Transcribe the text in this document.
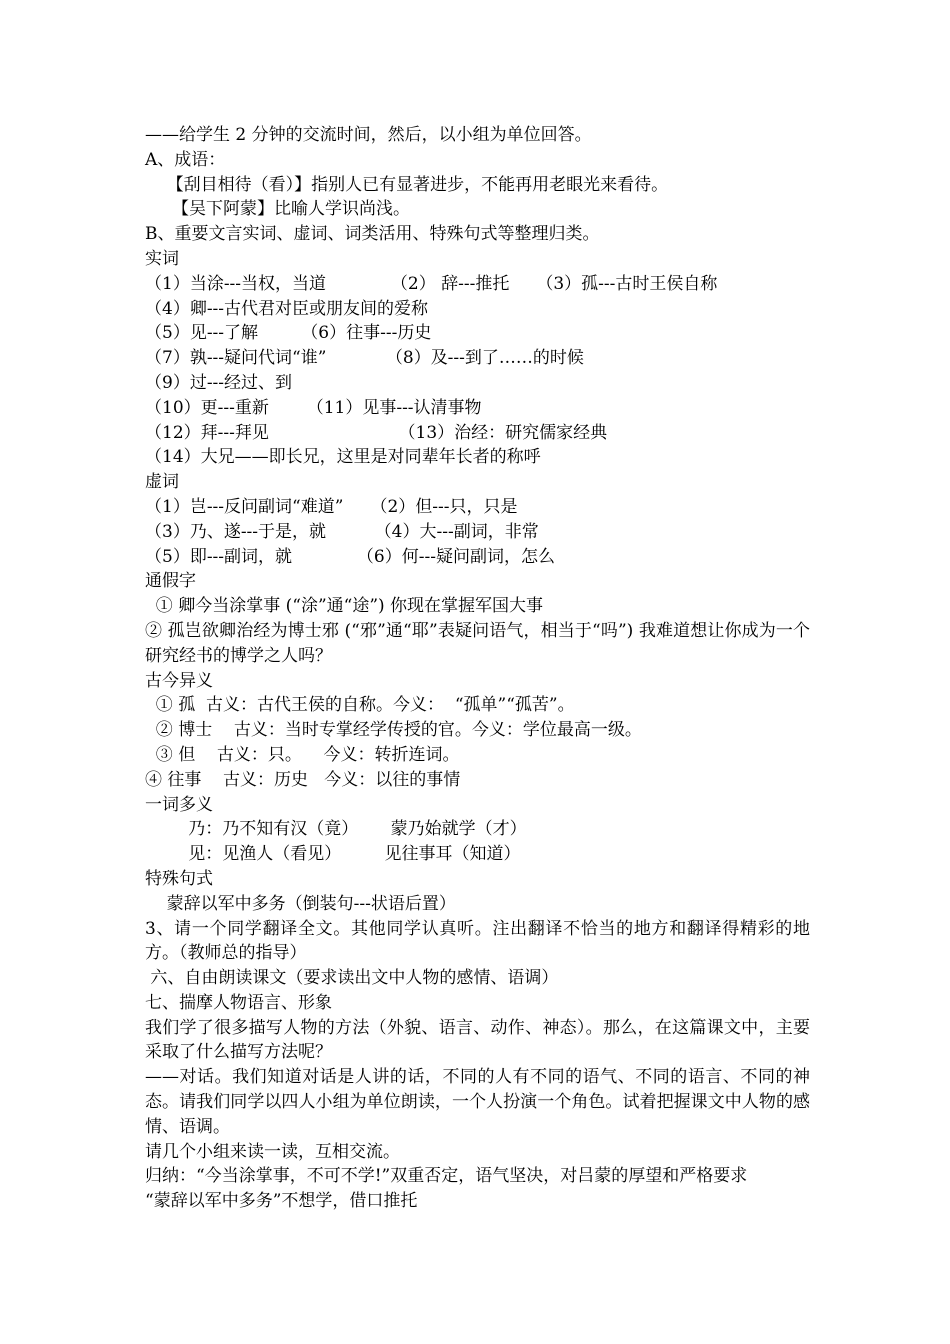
——给学生 2 分钟的交流时间，然后，以小组为单位回答。

A、成语：

【刮目相待（看）】指别人已有显著进步，不能再用老眼光来看待。

【吴下阿蒙】比喻人学识尚浅。

B、重要文言实词、虚词、词类活用、特殊句式等整理归类。

实词

（1）当涂---当权，当道            （2） 辞---推托     （3）孤---古时王侯自称

（4）卿---古代君对臣或朋友间的爱称

（5）见---了解        （6）往事---历史

（7）孰---疑问代词“谁”           （8）及---到了……的时候

（9）过---经过、到

（10）更---重新       （11）见事---认清事物

（12）拜---拜见                        （13）治经：研究儒家经典

（14）大兄——即长兄，这里是对同辈年长者的称呼

虚词

（1）岂---反问副词“难道”     （2）但---只，只是

（3）乃、遂---于是，就         （4）大---副词，非常

（5）即---副词，就            （6）何---疑问副词，怎么

通假字

① 卿今当涂掌事 (“涂”通“途”) 你现在掌握军国大事

② 孤岂欲卿治经为博士邪 (“邪”通“耶”表疑问语气，相当于“吗”) 我难道想让你成为一个研究经书的博学之人吗？

古今异义

① 孤  古义：古代王侯的自称。今义：  “孤单”“孤苦”。

② 博士    古义：当时专掌经学传授的官。今义：学位最高一级。

③ 但    古义：只。    今义：转折连词。

④ 往事    古义：历史   今义：以往的事情

一词多义

乃：乃不知有汉（竟）      蒙乃始就学（才）

见：见渔人（看见）        见往事耳（知道）

特殊句式

蒙辞以军中多务（倒装句---状语后置）

3、请一个同学翻译全文。其他同学认真听。注出翻译不恰当的地方和翻译得精彩的地方。（教师总的指导）

六、自由朗读课文（要求读出文中人物的感情、语调）

七、揣摩人物语言、形象

我们学了很多描写人物的方法（外貌、语言、动作、神态）。那么，在这篇课文中，主要采取了什么描写方法呢？

——对话。我们知道对话是人讲的话，不同的人有不同的语气、不同的语言、不同的神态。请我们同学以四人小组为单位朗读，一个人扮演一个角色。试着把握课文中人物的感情、语调。

请几个小组来读一读，互相交流。

归纳：“今当涂掌事，不可不学!”双重否定，语气坚决，对吕蒙的厚望和严格要求

“蒙辞以军中多务”不想学，借口推托
